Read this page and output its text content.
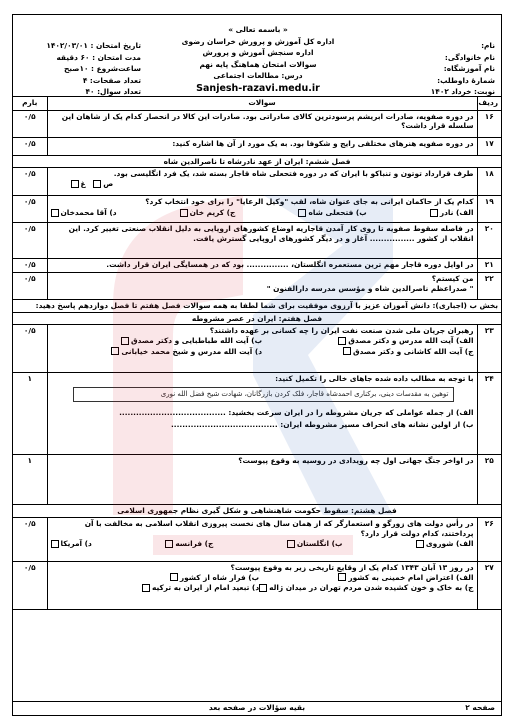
« باسمه تعالی »
اداره کل آموزش و پرورش خراسان رضوی
اداره سنجش آموزش و پرورش
سوالات امتحان هماهنگ پایه نهم
درس: مطالعات اجتماعی
Sanjesh-razavi.medu.ir
نام:
نام خانوادگی:
نام آموزشگاه:
شمارهٔ داوطلب:
نوبت: خرداد ۱۴۰۲
تاریخ امتحان : ۱۴۰۲/۰۳/۰۱
مدت امتحان : ۶۰ دقیقه
ساعت‌شروع : ۱۰صبح
تعداد صفحات: ۴
تعداد سوال: ۴۰
ردیف	سوالات	بارم
۱۶	در دوره صفویه، صادرات ابریشم پرسودترین کالای صادراتی بود. صادرات این کالا در انحصار کدام یک از شاهان این سلسله قرار داشت؟	۰/۵
۱۷	در دوره صفویه هنرهای مختلفی رایج و شکوفا بود. به یک مورد از آن ها اشاره کنید:	۰/۵
فصل ششم: ایران از عهد نادرشاه تا ناصرالدین شاه		
۱۸	طرف قرارداد توتون و تنباکو با ایران که در دوره فتحعلی شاه قاجار بسته شد، یک فرد انگلیسی بود.
ص

غ	۰/۵
۱۹	کدام یک از حاکمان ایرانی به جای عنوان شاه، لقب "وکیل الرعایا" را برای خود انتخاب کرد؟
الف) نادر
ب) فتحعلی شاه
ج) کریم خان
د) آقا محمدخان	۰/۵
۲۰	در فاصله سقوط صفویه تا روی کار آمدن قاجاریه اوضاع کشورهای اروپایی به دلیل انقلاب صنعتی تغییر کرد. این انقلاب از کشور ................ آغاز و در دیگر کشورهای اروپایی گسترش یافت.	۰/۵
۲۱	در اوایل دوره قاجار مهم ترین مستعمره انگلستان، ............... بود که در همسایگی ایران قرار داشت.	۰/۵
۲۲	من کیستم؟
" صدراعظم ناصرالدین شاه و مؤسس مدرسه دارالفنون "	۰/۵
بخش ب (اجباری): دانش آموزان عزیز با آرزوی موفقیت برای شما لطفا به همه سوالات فصل هفتم تا فصل دوازدهم پاسخ دهید:		
فصل هفتم: ایران در عصر مشروطه		
۲۳	رهبران جریان ملی شدن صنعت نفت ایران را چه کسانی بر عهده داشتند؟
الف) آیت الله مدرس و دکتر مصدق
ب) آیت الله طباطبایی و دکتر مصدق
ج) آیت الله کاشانی و دکتر مصدق
د) آیت الله مدرس و شیخ محمد خیابانی	۰/۵
۲۴	با توجه به مطالب داده شده جاهای خالی را تکمیل کنید:
توهین به مقدسات دینی، برکناری احمدشاه قاجار، فلک کردن بازرگانان، شهادت شیخ فضل الله نوری
الف) از جمله عواملی که جریان مشروطه را در ایران سرعت بخشید: ......................................
ب) از اولین نشانه های انحراف مسیر مشروطه ایران: ......................................	۱
۲۵	در اواخر جنگ جهانی اول چه رویدادی در روسیه به وقوع پیوست؟	۱
فصل هشتم: سقوط حکومت شاهنشاهی و شکل گیری نظام جمهوری اسلامی		
۲۶	در رأس دولت های زورگو و استعمارگر که از همان سال های نخست پیروزی انقلاب اسلامی به مخالفت با آن پرداختند، کدام دولت قرار دارد؟
الف) شوروی
ب) انگلستان
ج) فرانسه
د) آمریکا	۰/۵
۲۷	در روز ۱۳ آبان ۱۳۴۳ کدام یک از وقایع تاریخی زیر به وقوع پیوست؟
الف) اعتراض امام خمینی به کشور
ب) فرار شاه از کشور
ج) به خاک و خون کشیده شدن مردم تهران در میدان ژاله
د) تبعید امام از ایران به ترکیه	۰/۵
بقیه سؤالات در صفحه بعد	صفحه ۲
